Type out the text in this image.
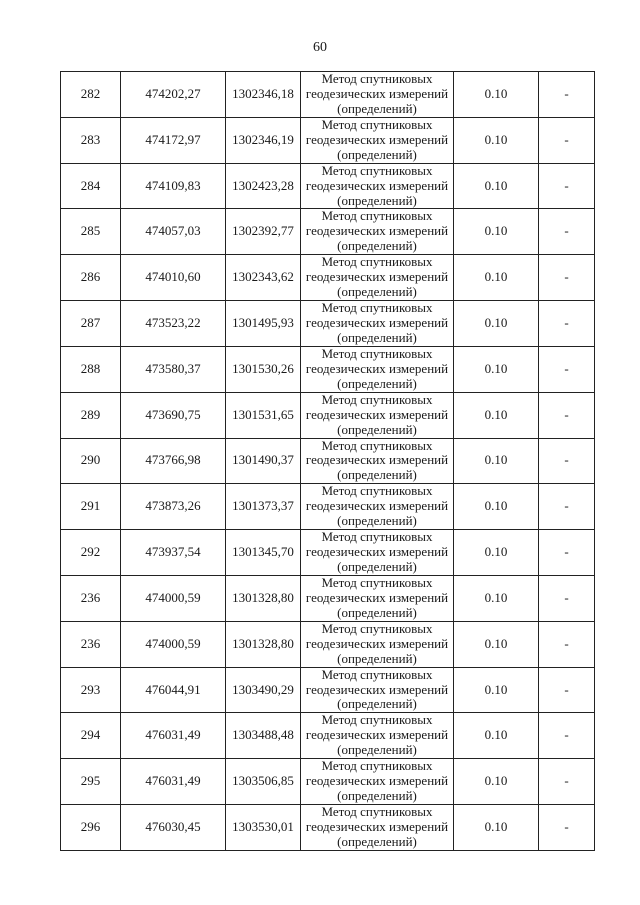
60
282	474202,27	1302346,18	Метод спутниковых геодезических измерений (определений)	0.10	-
283	474172,97	1302346,19	Метод спутниковых геодезических измерений (определений)	0.10	-
284	474109,83	1302423,28	Метод спутниковых геодезических измерений (определений)	0.10	-
285	474057,03	1302392,77	Метод спутниковых геодезических измерений (определений)	0.10	-
286	474010,60	1302343,62	Метод спутниковых геодезических измерений (определений)	0.10	-
287	473523,22	1301495,93	Метод спутниковых геодезических измерений (определений)	0.10	-
288	473580,37	1301530,26	Метод спутниковых геодезических измерений (определений)	0.10	-
289	473690,75	1301531,65	Метод спутниковых геодезических измерений (определений)	0.10	-
290	473766,98	1301490,37	Метод спутниковых геодезических измерений (определений)	0.10	-
291	473873,26	1301373,37	Метод спутниковых геодезических измерений (определений)	0.10	-
292	473937,54	1301345,70	Метод спутниковых геодезических измерений (определений)	0.10	-
236	474000,59	1301328,80	Метод спутниковых геодезических измерений (определений)	0.10	-
236	474000,59	1301328,80	Метод спутниковых геодезических измерений (определений)	0.10	-
293	476044,91	1303490,29	Метод спутниковых геодезических измерений (определений)	0.10	-
294	476031,49	1303488,48	Метод спутниковых геодезических измерений (определений)	0.10	-
295	476031,49	1303506,85	Метод спутниковых геодезических измерений (определений)	0.10	-
296	476030,45	1303530,01	Метод спутниковых геодезических измерений (определений)	0.10	-
